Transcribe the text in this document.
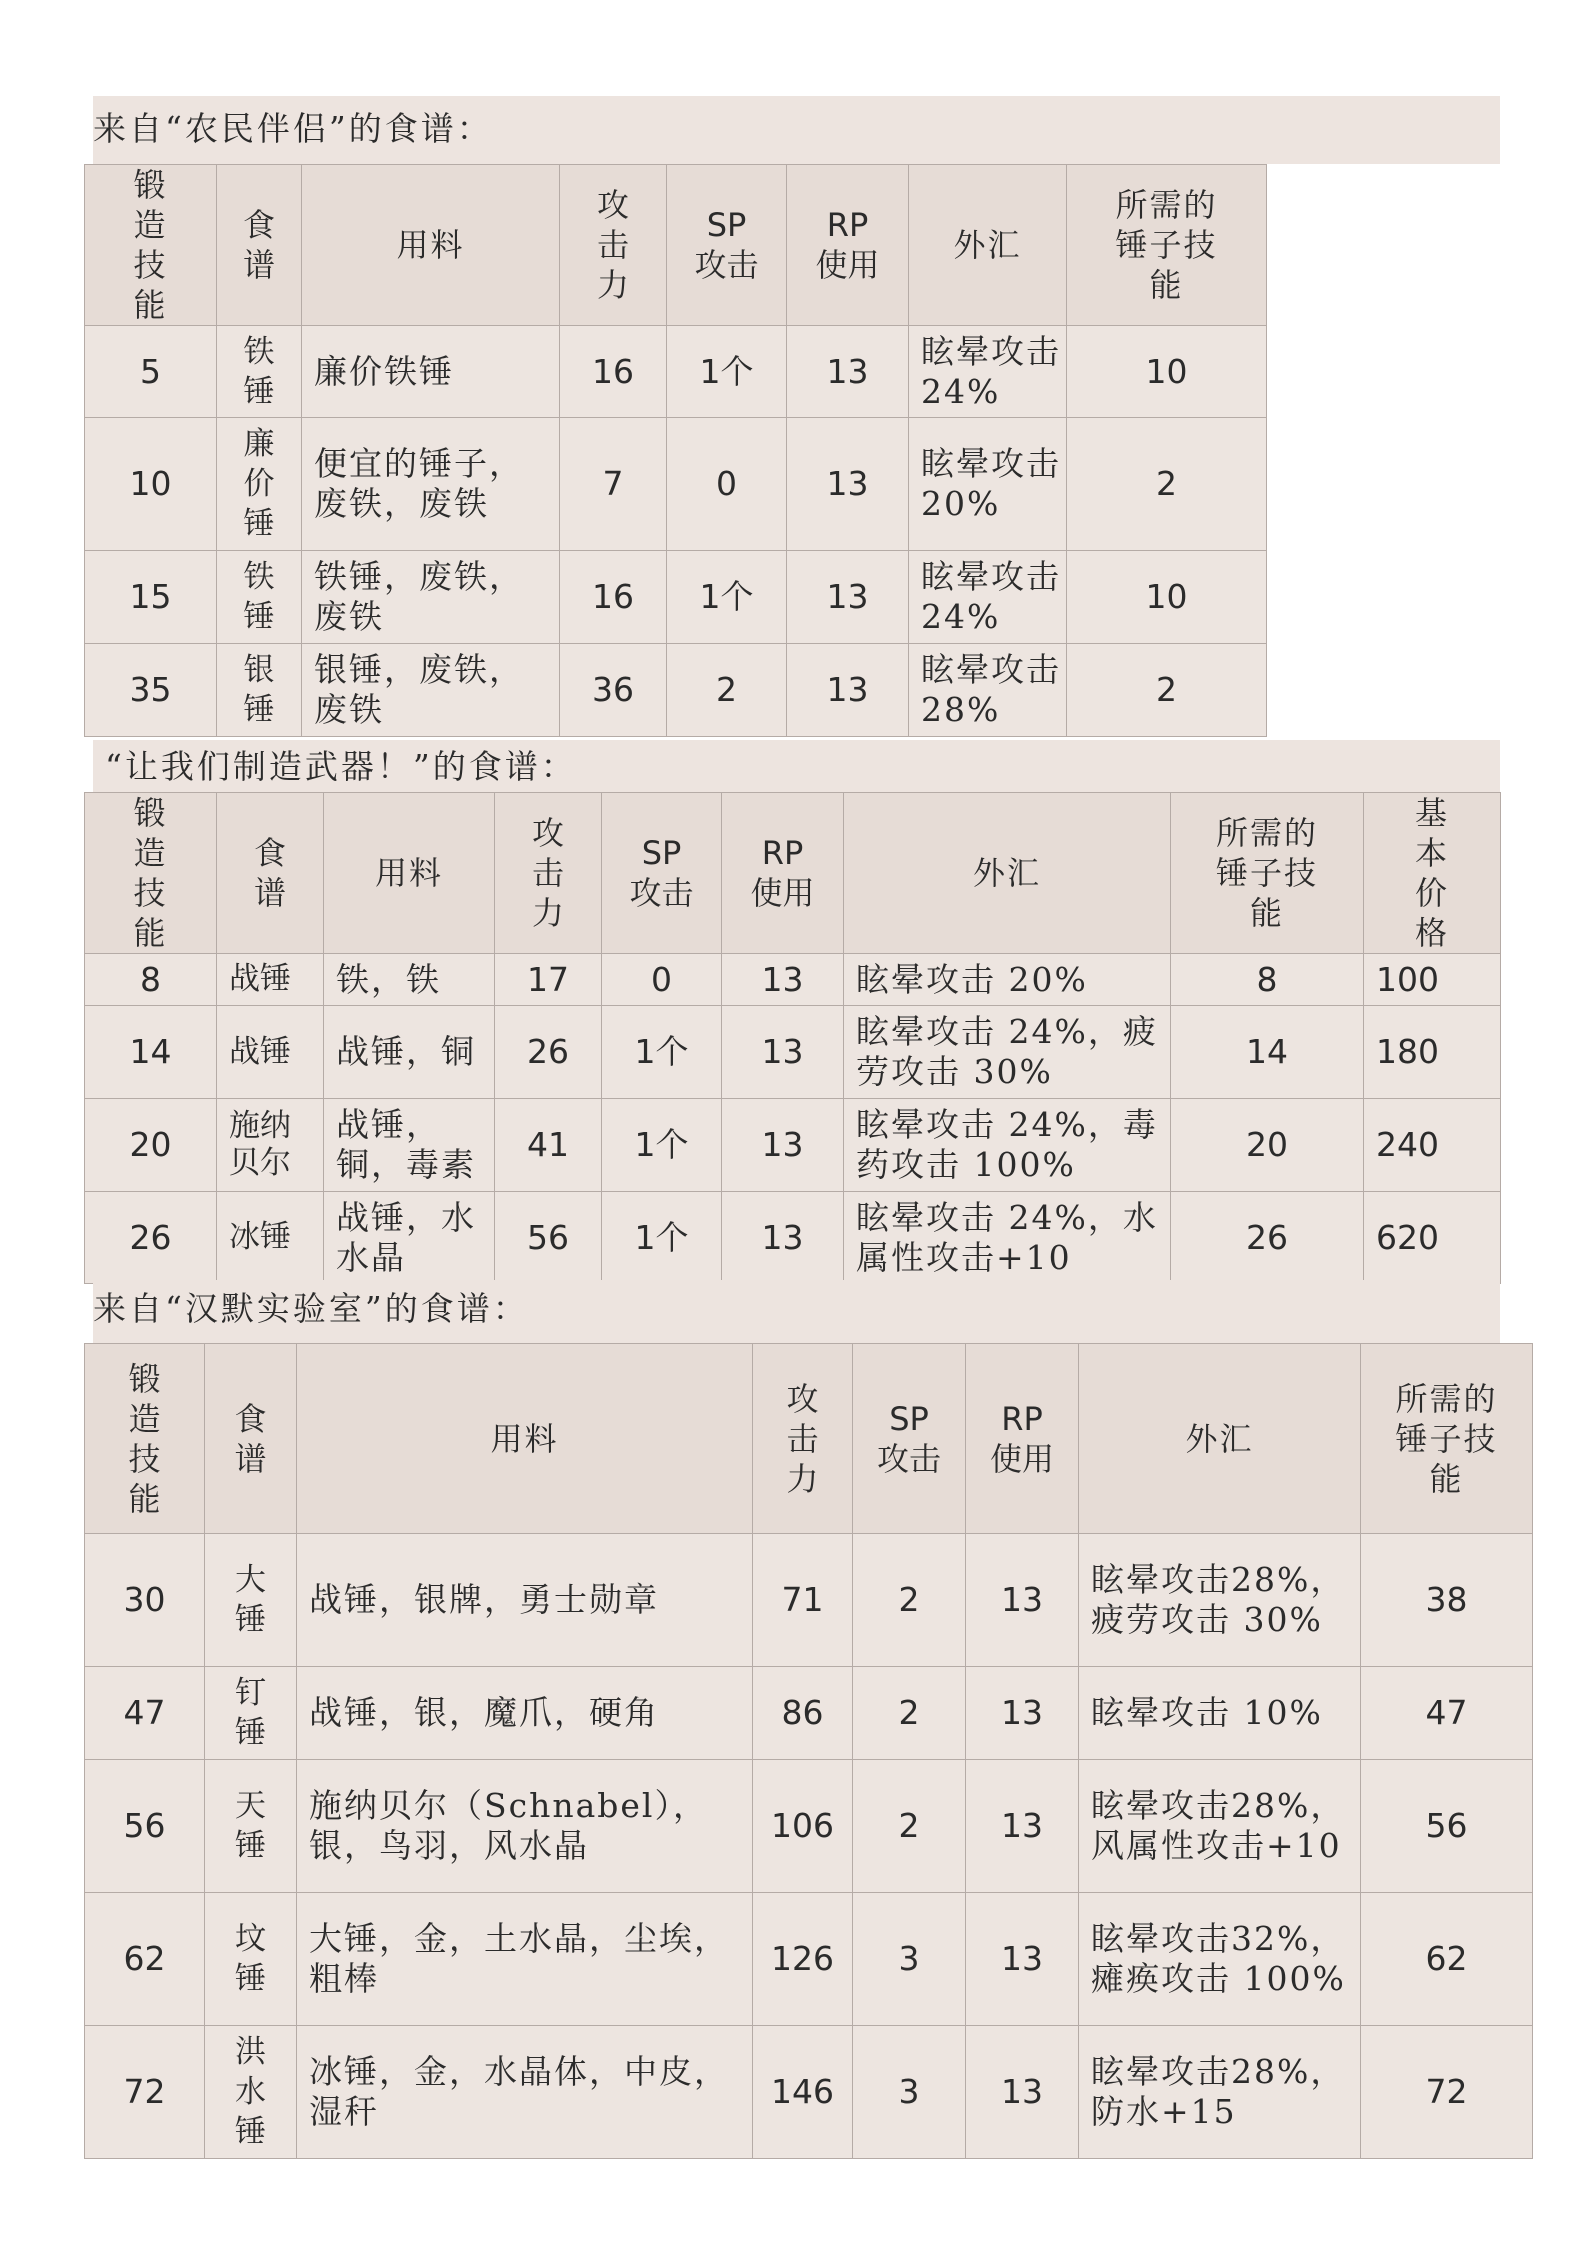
来自“农民伴侣”的食谱：
锻造技能	食谱	用料	攻击力	SP攻击	RP使用	外汇	所需的锤子技能
5	铁锤	廉价铁锤	16	1个	13	眩晕攻击24%	10
10	廉价锤	便宜的锤子，废铁，废铁	7	0	13	眩晕攻击20%	2
15	铁锤	铁锤，废铁，废铁	16	1个	13	眩晕攻击24%	10
35	银锤	银锤，废铁，废铁	36	2	13	眩晕攻击28%	2
“让我们制造武器！”的食谱：
锻造技能	食谱	用料	攻击力	SP攻击	RP使用	外汇	所需的锤子技能	基本价格
8	战锤	铁，铁	17	0	13	眩晕攻击 20%	8	100
14	战锤	战锤，铜	26	1个	13	眩晕攻击 24%，疲劳攻击 30%	14	180
20	施纳贝尔	战锤，铜，毒素	41	1个	13	眩晕攻击 24%，毒药攻击 100%	20	240
26	冰锤	战锤，水水晶	56	1个	13	眩晕攻击 24%，水属性攻击+10	26	620
来自“汉默实验室”的食谱：
锻造技能	食谱	用料	攻击力	SP攻击	RP使用	外汇	所需的锤子技能
30	大锤	战锤，银牌，勇士勋章	71	2	13	眩晕攻击28%，疲劳攻击 30%	38
47	钉锤	战锤，银，魔爪，硬角	86	2	13	眩晕攻击 10%	47
56	天锤	施纳贝尔（Schnabel），银，鸟羽，风水晶	106	2	13	眩晕攻击28%，风属性攻击+10	56
62	坟锤	大锤，金，土水晶，尘埃，粗棒	126	3	13	眩晕攻击32%，瘫痪攻击 100%	62
72	洪水锤	冰锤，金，水晶体，中皮，湿秆	146	3	13	眩晕攻击28%，防水+15	72
